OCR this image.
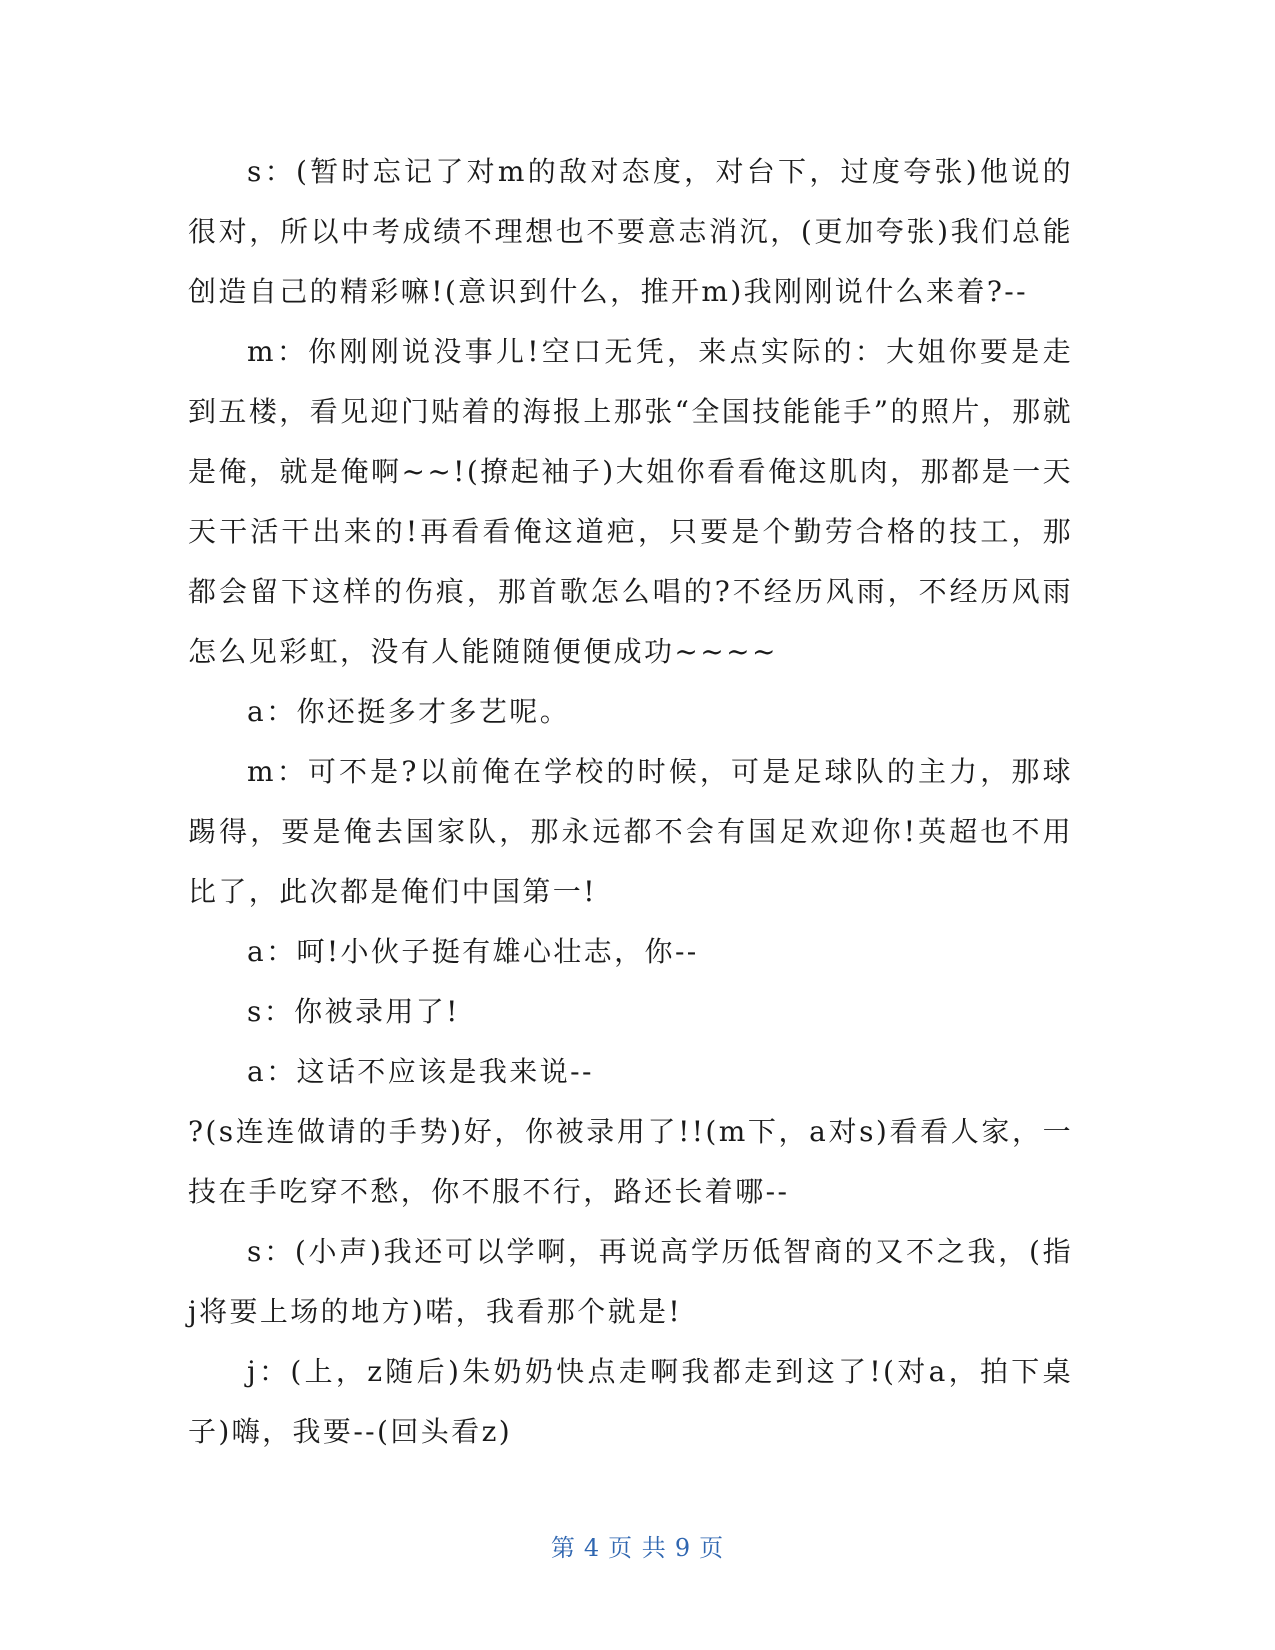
s：(暂时忘记了对m的敌对态度，对台下，过度夸张)他说的很对，所以中考成绩不理想也不要意志消沉，(更加夸张)我们总能创造自己的精彩嘛!(意识到什么，推开m)我刚刚说什么来着?--

m：你刚刚说没事儿!空口无凭，来点实际的：大姐你要是走到五楼，看见迎门贴着的海报上那张“全国技能能手”的照片，那就是俺，就是俺啊~~!(撩起袖子)大姐你看看俺这肌肉，那都是一天天干活干出来的!再看看俺这道疤，只要是个勤劳合格的技工，那都会留下这样的伤痕，那首歌怎么唱的?不经历风雨，不经历风雨怎么见彩虹，没有人能随随便便成功~~~~

a：你还挺多才多艺呢。

m：可不是?以前俺在学校的时候，可是足球队的主力，那球踢得，要是俺去国家队，那永远都不会有国足欢迎你!英超也不用比了，此次都是俺们中国第一!

a：呵!小伙子挺有雄心壮志，你--

s：你被录用了!

a：这话不应该是我来说--

?(s连连做请的手势)好，你被录用了!!(m下，a对s)看看人家，一技在手吃穿不愁，你不服不行，路还长着哪--

s：(小声)我还可以学啊，再说高学历低智商的又不之我，(指j将要上场的地方)喏，我看那个就是!

j：(上，z随后)朱奶奶快点走啊我都走到这了!(对a，拍下桌子)嗨，我要--(回头看z)

第 4 页 共 9 页
